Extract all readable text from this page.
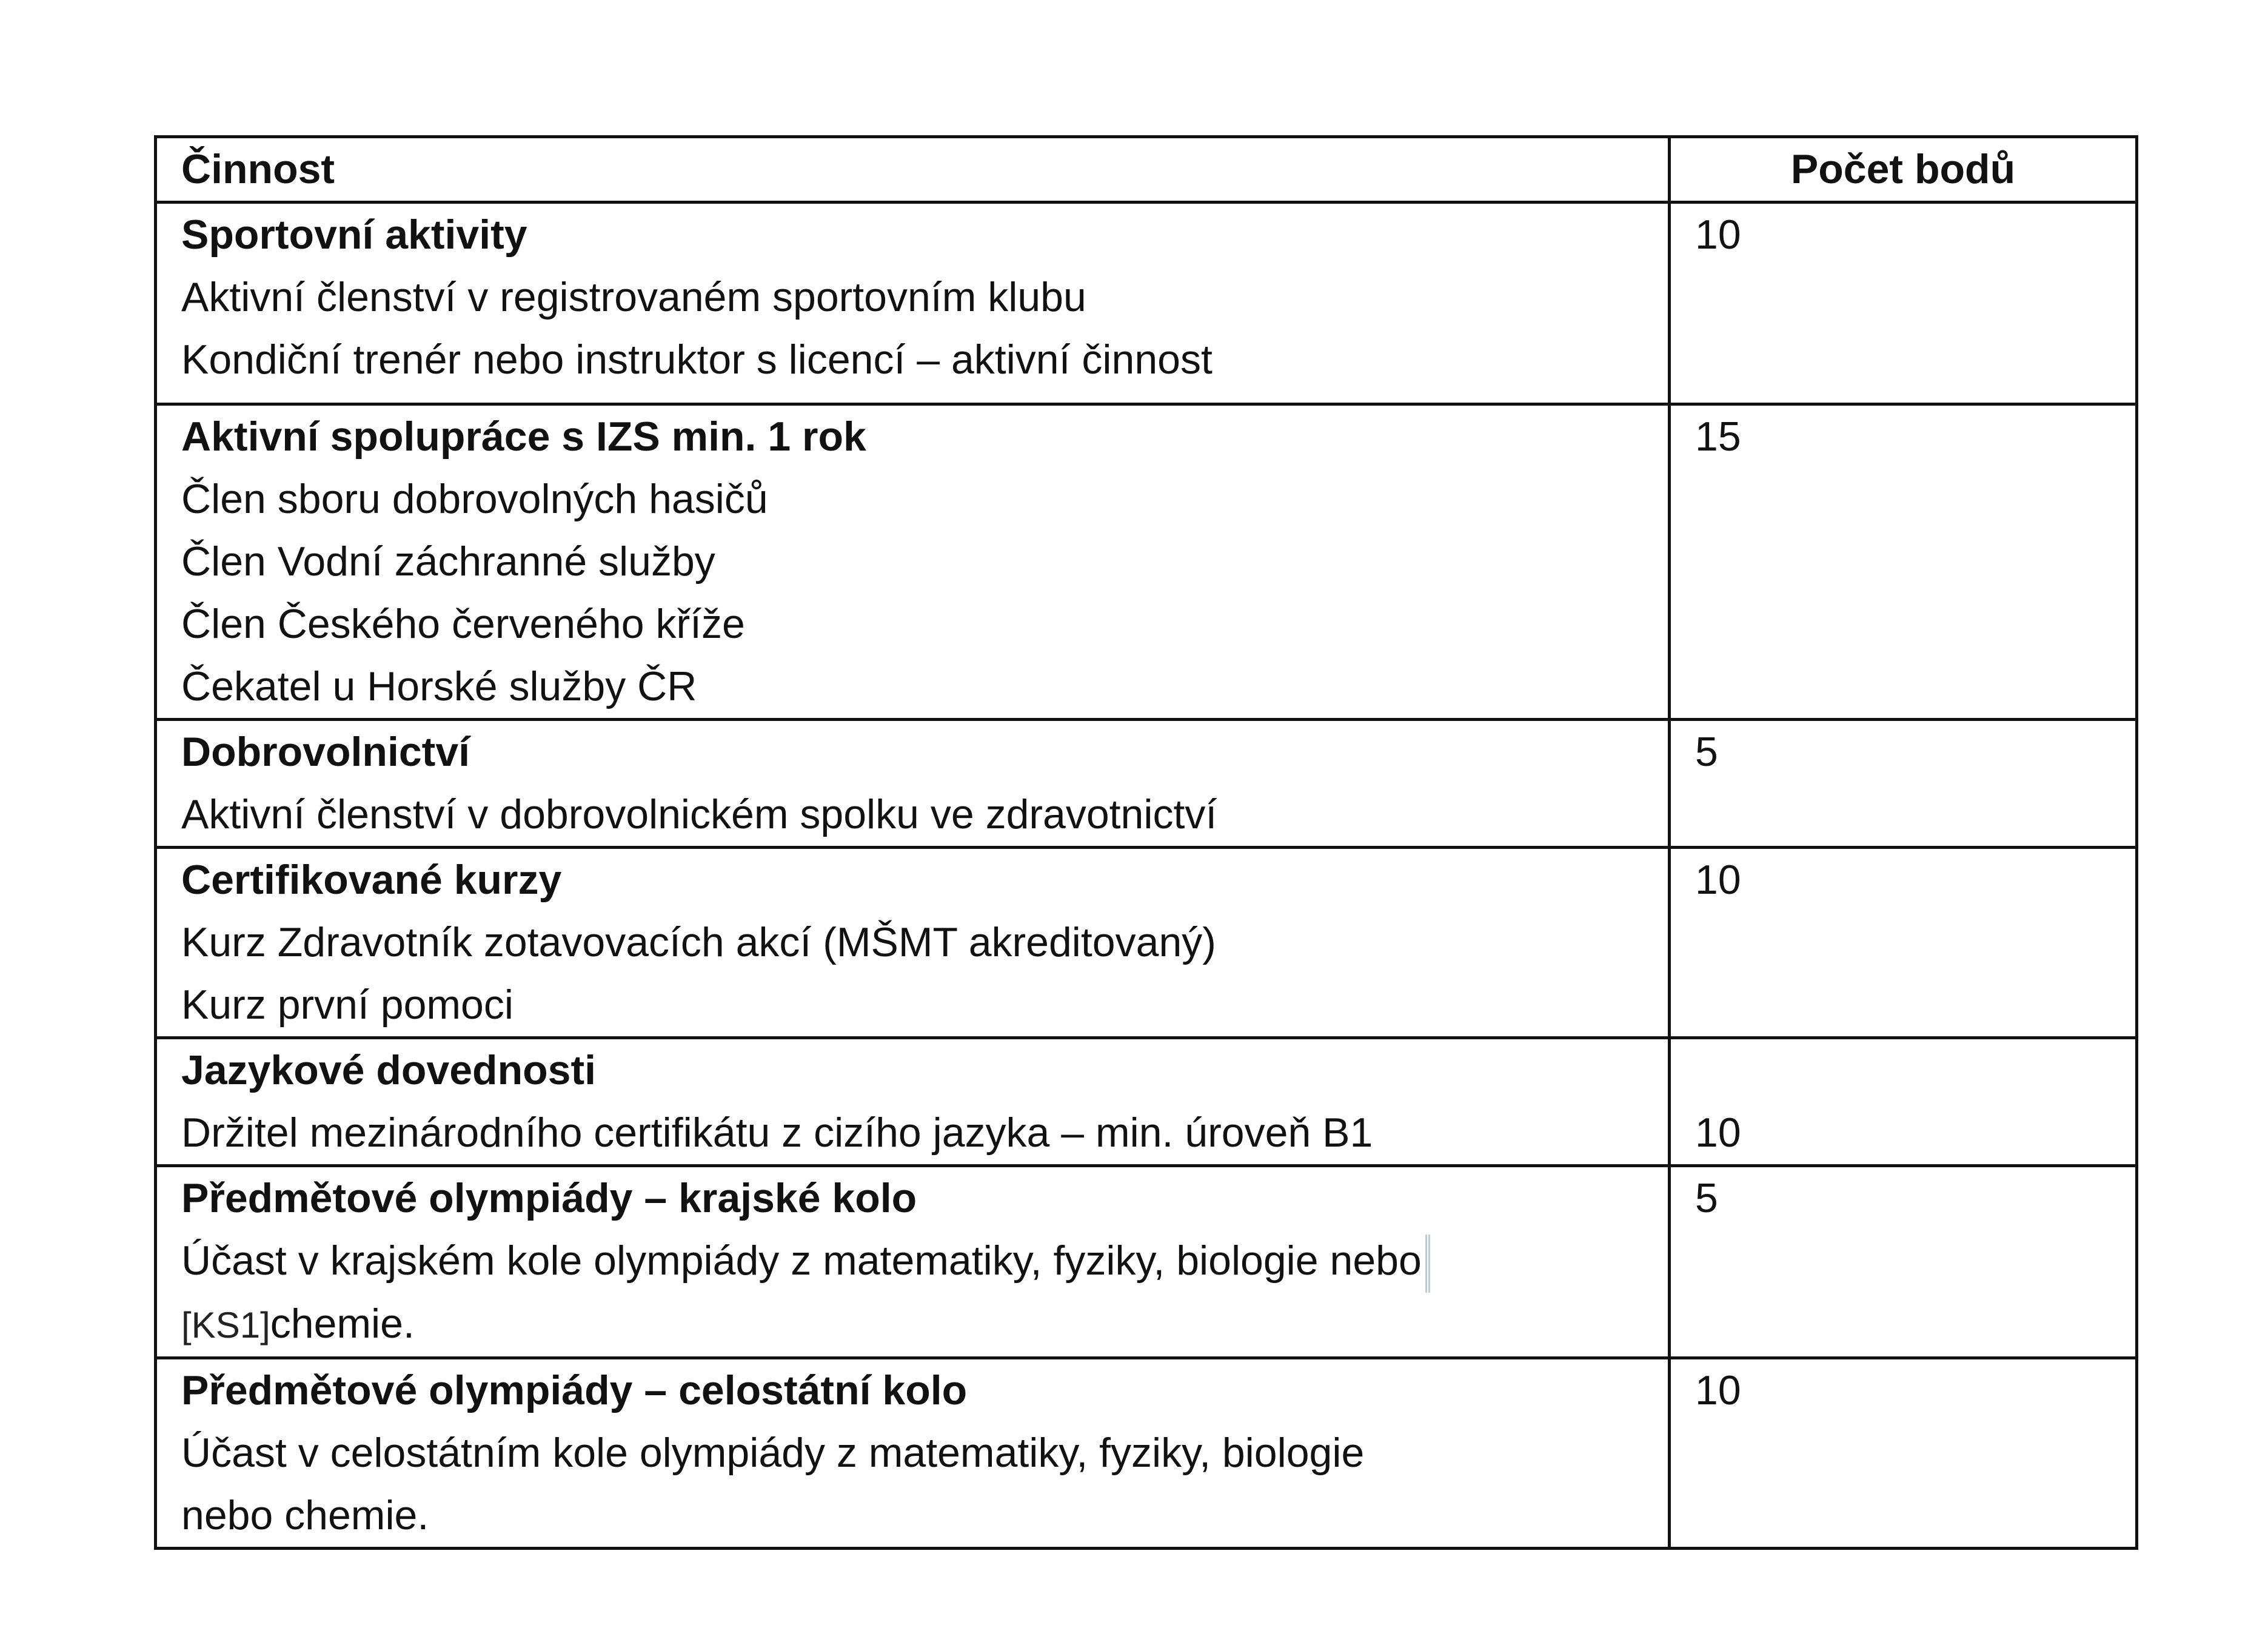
Činnost	Počet bodů

Sportovní aktivity
Aktivní členství v registrovaném sportovním klubu
Kondiční trenér nebo instruktor s licencí – aktivní činnost	10

Aktivní spolupráce s IZS min. 1 rok
Člen sboru dobrovolných hasičů
Člen Vodní záchranné služby
Člen Českého červeného kříže
Čekatel u Horské služby ČR	15

Dobrovolnictví
Aktivní členství v dobrovolnickém spolku ve zdravotnictví	5

Certifikované kurzy
Kurz Zdravotník zotavovacích akcí (MŠMT akreditovaný)
Kurz první pomoci	10

Jazykové dovednosti
Držitel mezinárodního certifikátu z cizího jazyka – min. úroveň B1	10

Předmětové olympiády – krajské kolo
Účast v krajském kole olympiády z matematiky, fyziky, biologie nebo
[KS1]chemie.	5

Předmětové olympiády – celostátní kolo
Účast v celostátním kole olympiády z matematiky, fyziky, biologie
nebo chemie.	10
